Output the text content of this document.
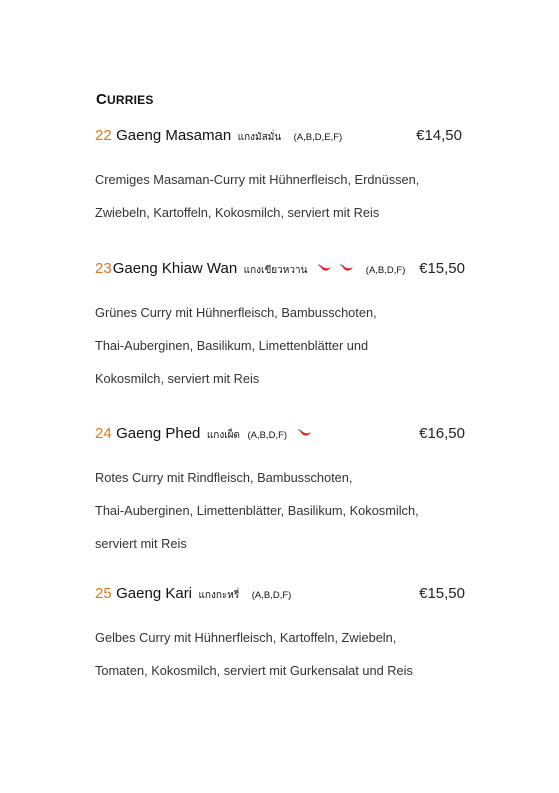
CURRIES
22 Gaeng Masaman แกงมัสมั่น (A,B,D,E,F)	€14,50
Cremiges Masaman-Curry mit Hühnerfleisch, Erdnüssen,
Zwiebeln, Kartoffeln, Kokosmilch, serviert mit Reis
23Gaeng Khiaw Wan แกงเขียวหวาน	(A,B,D,F) €15,50
Grünes Curry mit Hühnerfleisch, Bambusschoten,
Thai-Auberginen, Basilikum, Limettenblätter und
Kokosmilch, serviert mit Reis
24 Gaeng Phed แกงเผ็ด (A,B,D,F)	€16,50
Rotes Curry mit Rindfleisch, Bambusschoten,
Thai-Auberginen, Limettenblätter, Basilikum, Kokosmilch,
serviert mit Reis
25 Gaeng Kari แกงกะหรี่ (A,B,D,F)	€15,50
Gelbes Curry mit Hühnerfleisch, Kartoffeln, Zwiebeln,
Tomaten, Kokosmilch, serviert mit Gurkensalat und Reis
